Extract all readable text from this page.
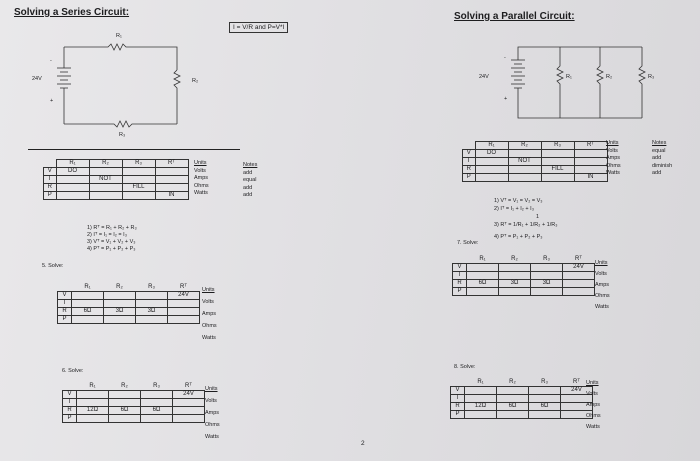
Solving a Series Circuit:
I = V/R and P=V*I
R₁
R₂
R₃
24V
+
-
	R₁	R₂	R₃	Rᵀ
V	DO			
I		NOT		
R			FILL	
P				IN
Units
Volts
Amps
Ohms
Watts
Notes
add
equal
add
add
1) Rᵀ = R₁ + R₂ + R₃
2) Iᵀ = I₁ = I₂ = I₃
3) Vᵀ = V₁ + V₂ + V₃
4) Pᵀ = P₁ + P₂ + P₃
5. Solve:
	R₁	R₂	R₃	Rᵀ
V				24V
I				
R	6Ω	3Ω	3Ω	
P				
Units
Volts
Amps
Ohms
Watts
6. Solve:
	R₁	R₂	R₃	Rᵀ
V				24V
I				
R	12Ω	6Ω	6Ω	
P				
Units
Volts
Amps
Ohms
Watts
2
Solving a Parallel Circuit:
24V	R₁	R₂	R₃
+
-
	R₁	R₂	R₃	Rᵀ
V	DO			
I		NOT		
R			FILL	
P				IN
Units
Volts
Amps
Ohms
Watts
Notes
equal
add
diminish
add
1) Vᵀ = V₁ = V₂ = V₃
2) Iᵀ = I₁ + I₂ + I₃
1
3) Rᵀ = 1/R₁ + 1/R₂ + 1/R₃
4) Pᵀ = P₁ + P₂ + P₃
7. Solve:
	R₁	R₂	R₃	Rᵀ
V				24V
I				
R	6Ω	3Ω	3Ω	
P				
Units
Volts
Amps
Ohms
Watts
8. Solve:
	R₁	R₂	R₃	Rᵀ
V				24V
I				
R	12Ω	6Ω	6Ω	
P				
Units
Volts
Amps
Ohms
Watts
